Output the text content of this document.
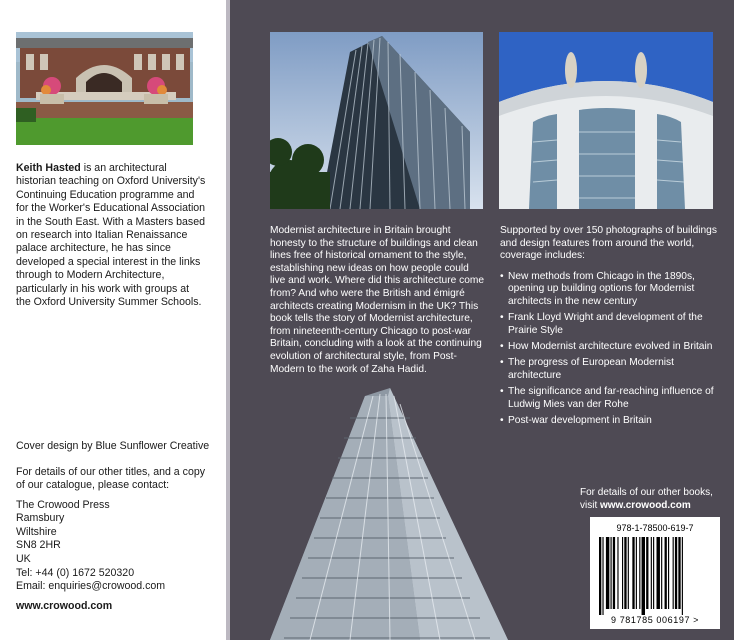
Keith Hasted is an architectural historian teaching on Oxford University's Continuing Education programme and for the Worker's Educational Association in the South East. With a Masters based on research into Italian Renaissance palace architecture, he has since developed a special interest in the links through to Modern Architecture, particularly in his work with groups at the Oxford University Summer Schools.

Cover design by Blue Sunflower Creative

For details of our other titles, and a copy of our catalogue, please contact:

The Crowood Press
Ramsbury
Wiltshire
SN8 2HR
UK
Tel: +44 (0) 1672 520320
Email: enquiries@crowood.com

www.crowood.com

Modernist architecture in Britain brought honesty to the structure of buildings and clean lines free of historical ornament to the style, establishing new ideas on how people could live and work. Where did this architecture come from? And who were the British and émigré architects creating Modernism in the UK? This book tells the story of Modernist architecture, from nineteenth-century Chicago to post-war Britain, concluding with a look at the continuing evolution of architectural style, from Post-Modern to the work of Zaha Hadid.

Supported by over 150 photographs of buildings and design features from around the world, coverage includes:

• New methods from Chicago in the 1890s, opening up building options for Modernist architects in the new century
• Frank Lloyd Wright and development of the Prairie Style
• How Modernist architecture evolved in Britain
• The progress of European Modernist architecture
• The significance and far-reaching influence of Ludwig Mies van der Rohe
• Post-war development in Britain

For details of our other books, visit www.crowood.com

978-1-78500-619-7
9 781785 006197 >
